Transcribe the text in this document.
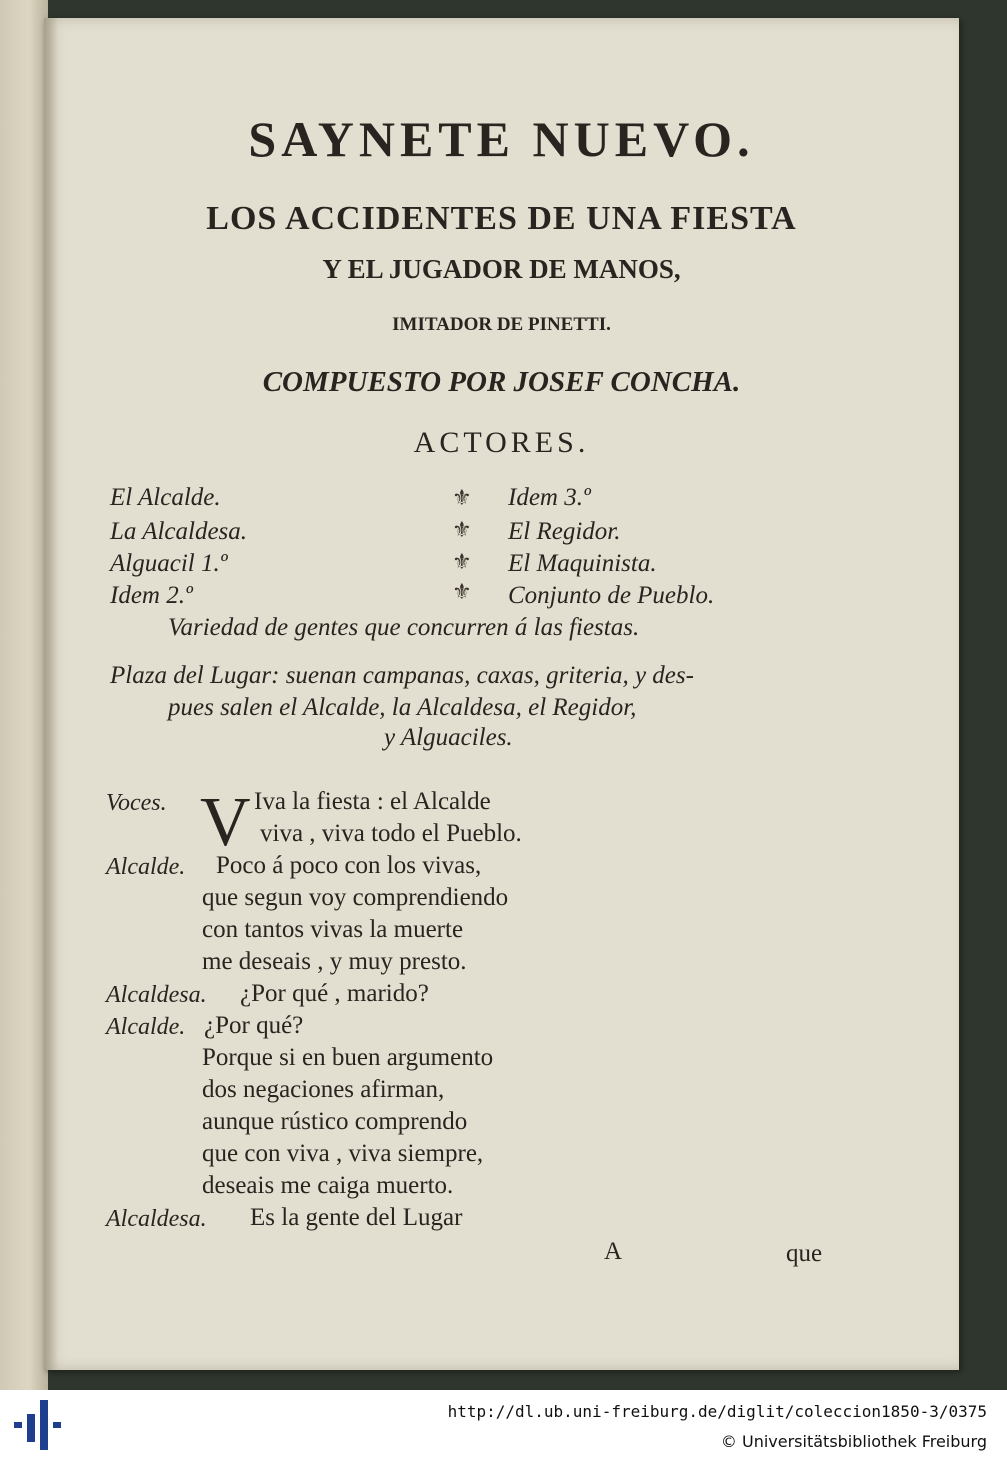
SAYNETE NUEVO.
LOS ACCIDENTES DE UNA FIESTA
Y EL JUGADOR DE MANOS,
IMITADOR DE PINETTI.
COMPUESTO POR JOSEF CONCHA.
ACTORES.
El Alcalde.
La Alcaldesa.
Alguacil 1.º
Idem 2.º
⚜
⚜
⚜
⚜
Idem 3.º
El Regidor.
El Maquinista.
Conjunto de Pueblo.
Variedad de gentes que concurren á las fiestas.
Plaza del Lugar: suenan campanas, caxas, griteria, y des-
pues salen el Alcalde, la Alcaldesa, el Regidor,
y Alguaciles.
Voces. V Iva la fiesta : el Alcalde
viva , viva todo el Pueblo.
Alcalde. Poco á poco con los vivas,
que segun voy comprendiendo
con tantos vivas la muerte
me deseais , y muy presto.
Alcaldesa. ¿Por qué , marido?
Alcalde. ¿Por qué?
Porque si en buen argumento
dos negaciones afirman,
aunque rústico comprendo
que con viva , viva siempre,
deseais me caiga muerto.
Alcaldesa. Es la gente del Lugar
A	que
http://dl.ub.uni-freiburg.de/diglit/coleccion1850-3/0375
© Universitätsbibliothek Freiburg
